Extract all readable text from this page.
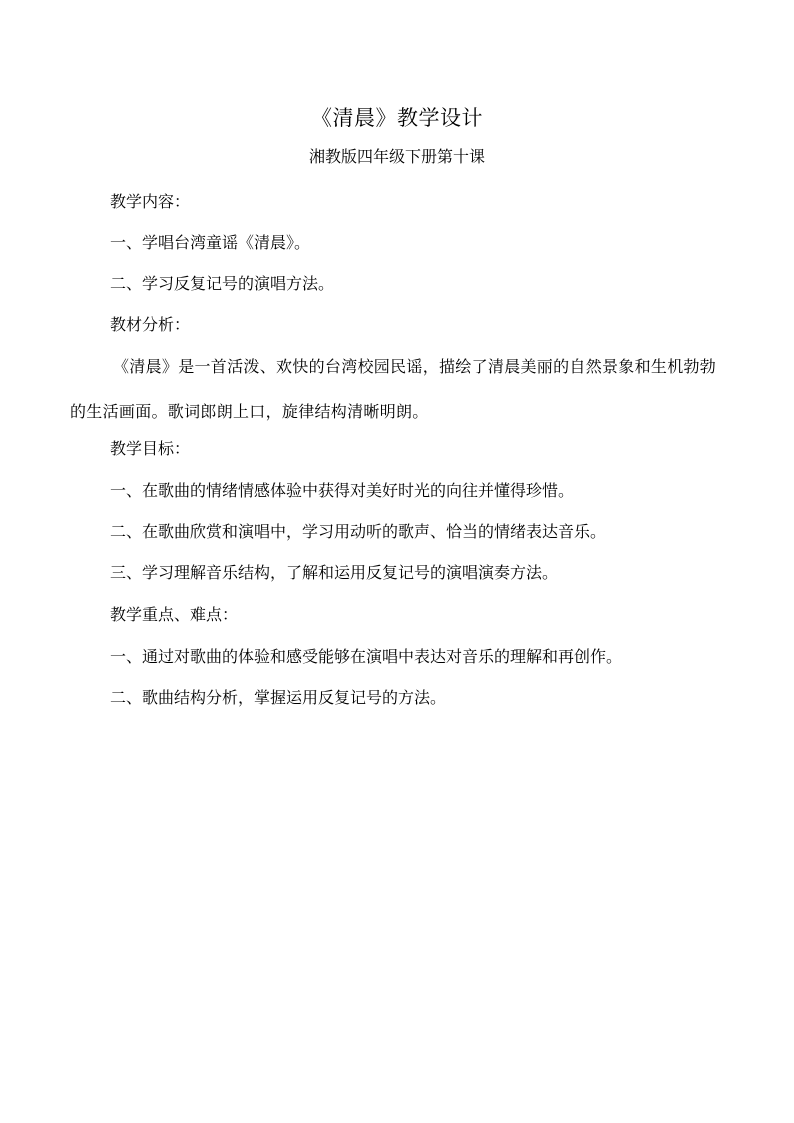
《清晨》教学设计
湘教版四年级下册第十课
教学内容：
一、学唱台湾童谣《清晨》。
二、学习反复记号的演唱方法。
教材分析：
《清晨》是一首活泼、欢快的台湾校园民谣，描绘了清晨美丽的自然景象和生机勃勃的生活画面。歌词郎朗上口，旋律结构清晰明朗。
教学目标：
一、在歌曲的情绪情感体验中获得对美好时光的向往并懂得珍惜。
二、在歌曲欣赏和演唱中，学习用动听的歌声、恰当的情绪表达音乐。
三、学习理解音乐结构，了解和运用反复记号的演唱演奏方法。
教学重点、难点：
一、通过对歌曲的体验和感受能够在演唱中表达对音乐的理解和再创作。
二、歌曲结构分析，掌握运用反复记号的方法。
